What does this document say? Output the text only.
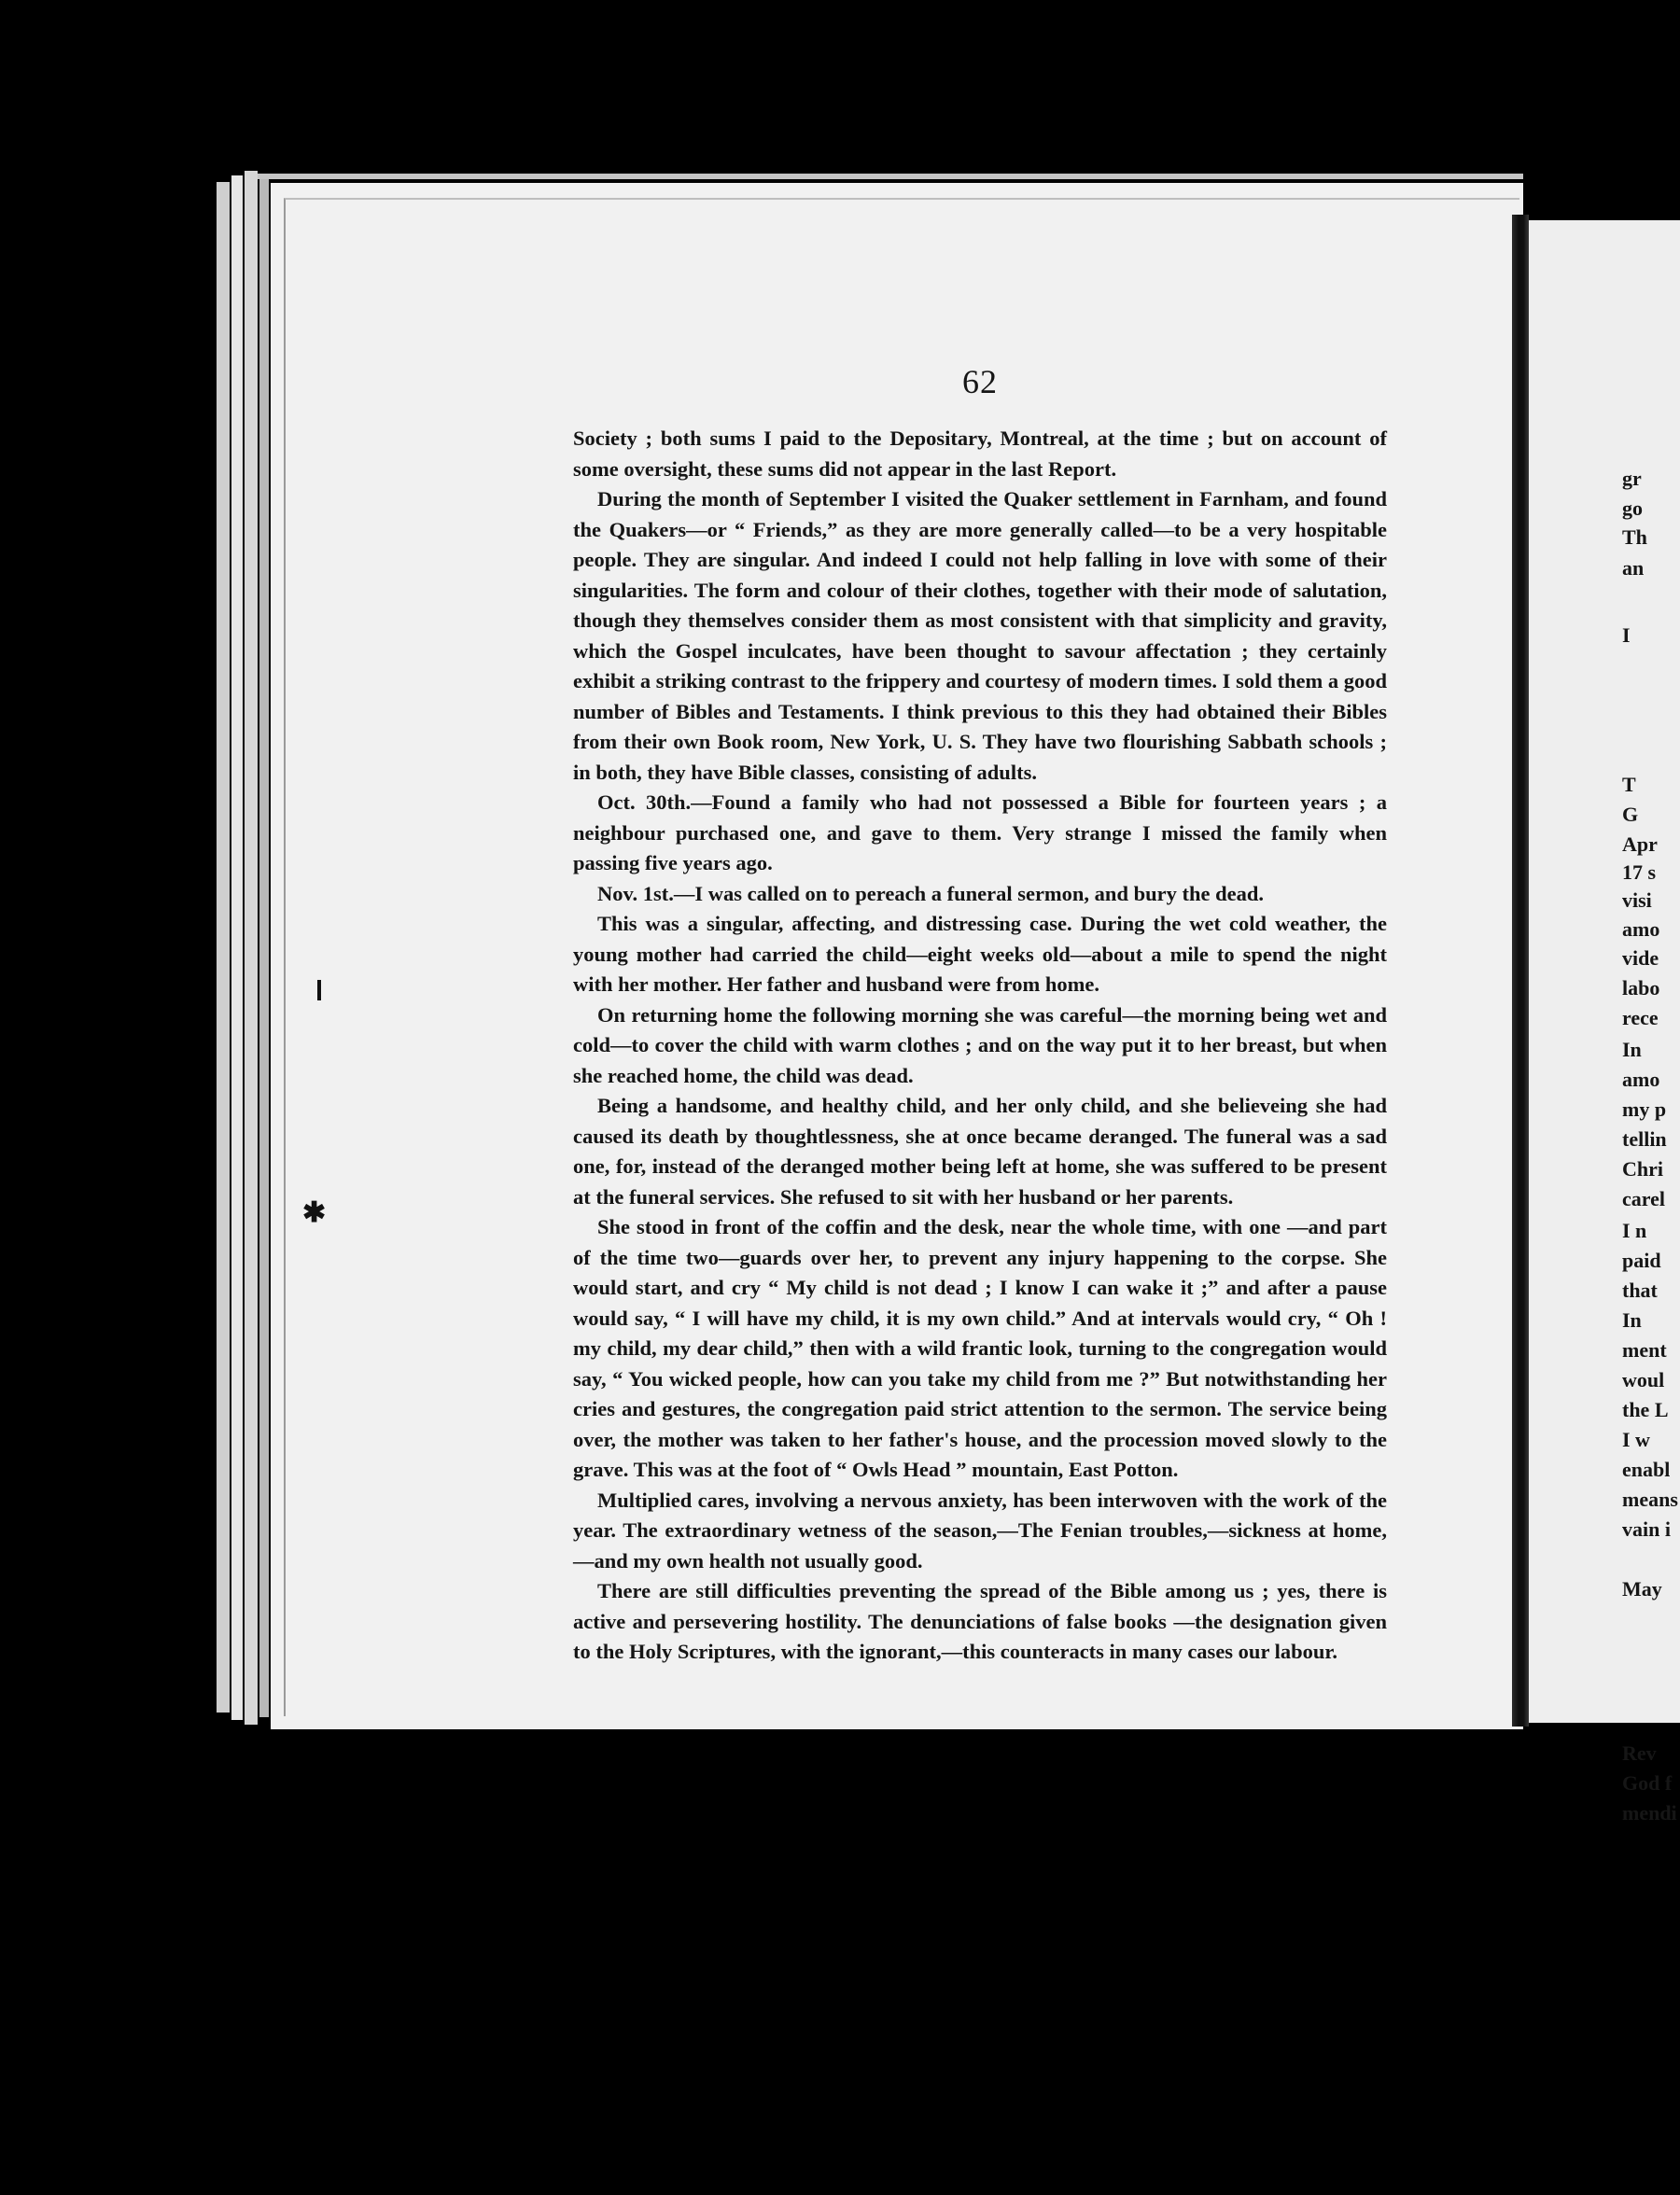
✱
62

Society ; both sums I paid to the Depositary, Montreal, at the time ; but on account of some oversight, these sums did not appear in the last Report.

During the month of September I visited the Quaker settlement in Farnham, and found the Quakers—or “ Friends,” as they are more generally called—to be a very hospitable people. They are singular. And indeed I could not help falling in love with some of their singularities. The form and colour of their clothes, together with their mode of salutation, though they themselves consider them as most consistent with that simplicity and gravity, which the Gospel inculcates, have been thought to savour affectation ; they certainly exhibit a striking contrast to the frippery and courtesy of modern times. I sold them a good number of Bibles and Testaments. I think previous to this they had obtained their Bibles from their own Book room, New York, U. S. They have two flourishing Sabbath schools ; in both, they have Bible classes, consisting of adults.

Oct. 30th.—Found a family who had not possessed a Bible for fourteen years ; a neighbour purchased one, and gave to them. Very strange I missed the family when passing five years ago.

Nov. 1st.—I was called on to pereach a funeral sermon, and bury the dead.

This was a singular, affecting, and distressing case. During the wet cold weather, the young mother had carried the child—eight weeks old—about a mile to spend the night with her mother. Her father and husband were from home.

On returning home the following morning she was careful—the morning being wet and cold—to cover the child with warm clothes ; and on the way put it to her breast, but when she reached home, the child was dead.

Being a handsome, and healthy child, and her only child, and she believeing she had caused its death by thoughtlessness, she at once became deranged. The funeral was a sad one, for, instead of the deranged mother being left at home, she was suffered to be present at the funeral services. She refused to sit with her husband or her parents.

She stood in front of the coffin and the desk, near the whole time, with one —and part of the time two—guards over her, to prevent any injury happening to the corpse. She would start, and cry “ My child is not dead ; I know I can wake it ;” and after a pause would say, “ I will have my child, it is my own child.” And at intervals would cry, “ Oh ! my child, my dear child,” then with a wild frantic look, turning to the congregation would say, “ You wicked people, how can you take my child from me ?” But notwithstanding her cries and gestures, the congregation paid strict attention to the sermon. The service being over, the mother was taken to her father's house, and the procession moved slowly to the grave. This was at the foot of “ Owls Head ” mountain, East Potton.

Multiplied cares, involving a nervous anxiety, has been interwoven with the work of the year. The extraordinary wetness of the season,—The Fenian troubles,—sickness at home,—and my own health not usually good.

There are still difficulties preventing the spread of the Bible among us ; yes, there is active and persevering hostility. The denunciations of false books —the designation given to the Holy Scriptures, with the ignorant,—this counteracts in many cases our labour.

gr
go
Th
an
I
T
G
Apr
17 s
visi
amo
vide
labo
rece
In
amo
my p
tellin
Chri
carel
I n
paid
that
In
ment
woul
the L
I w
enabl
means
vain i
May
Rev
God f
mendi
